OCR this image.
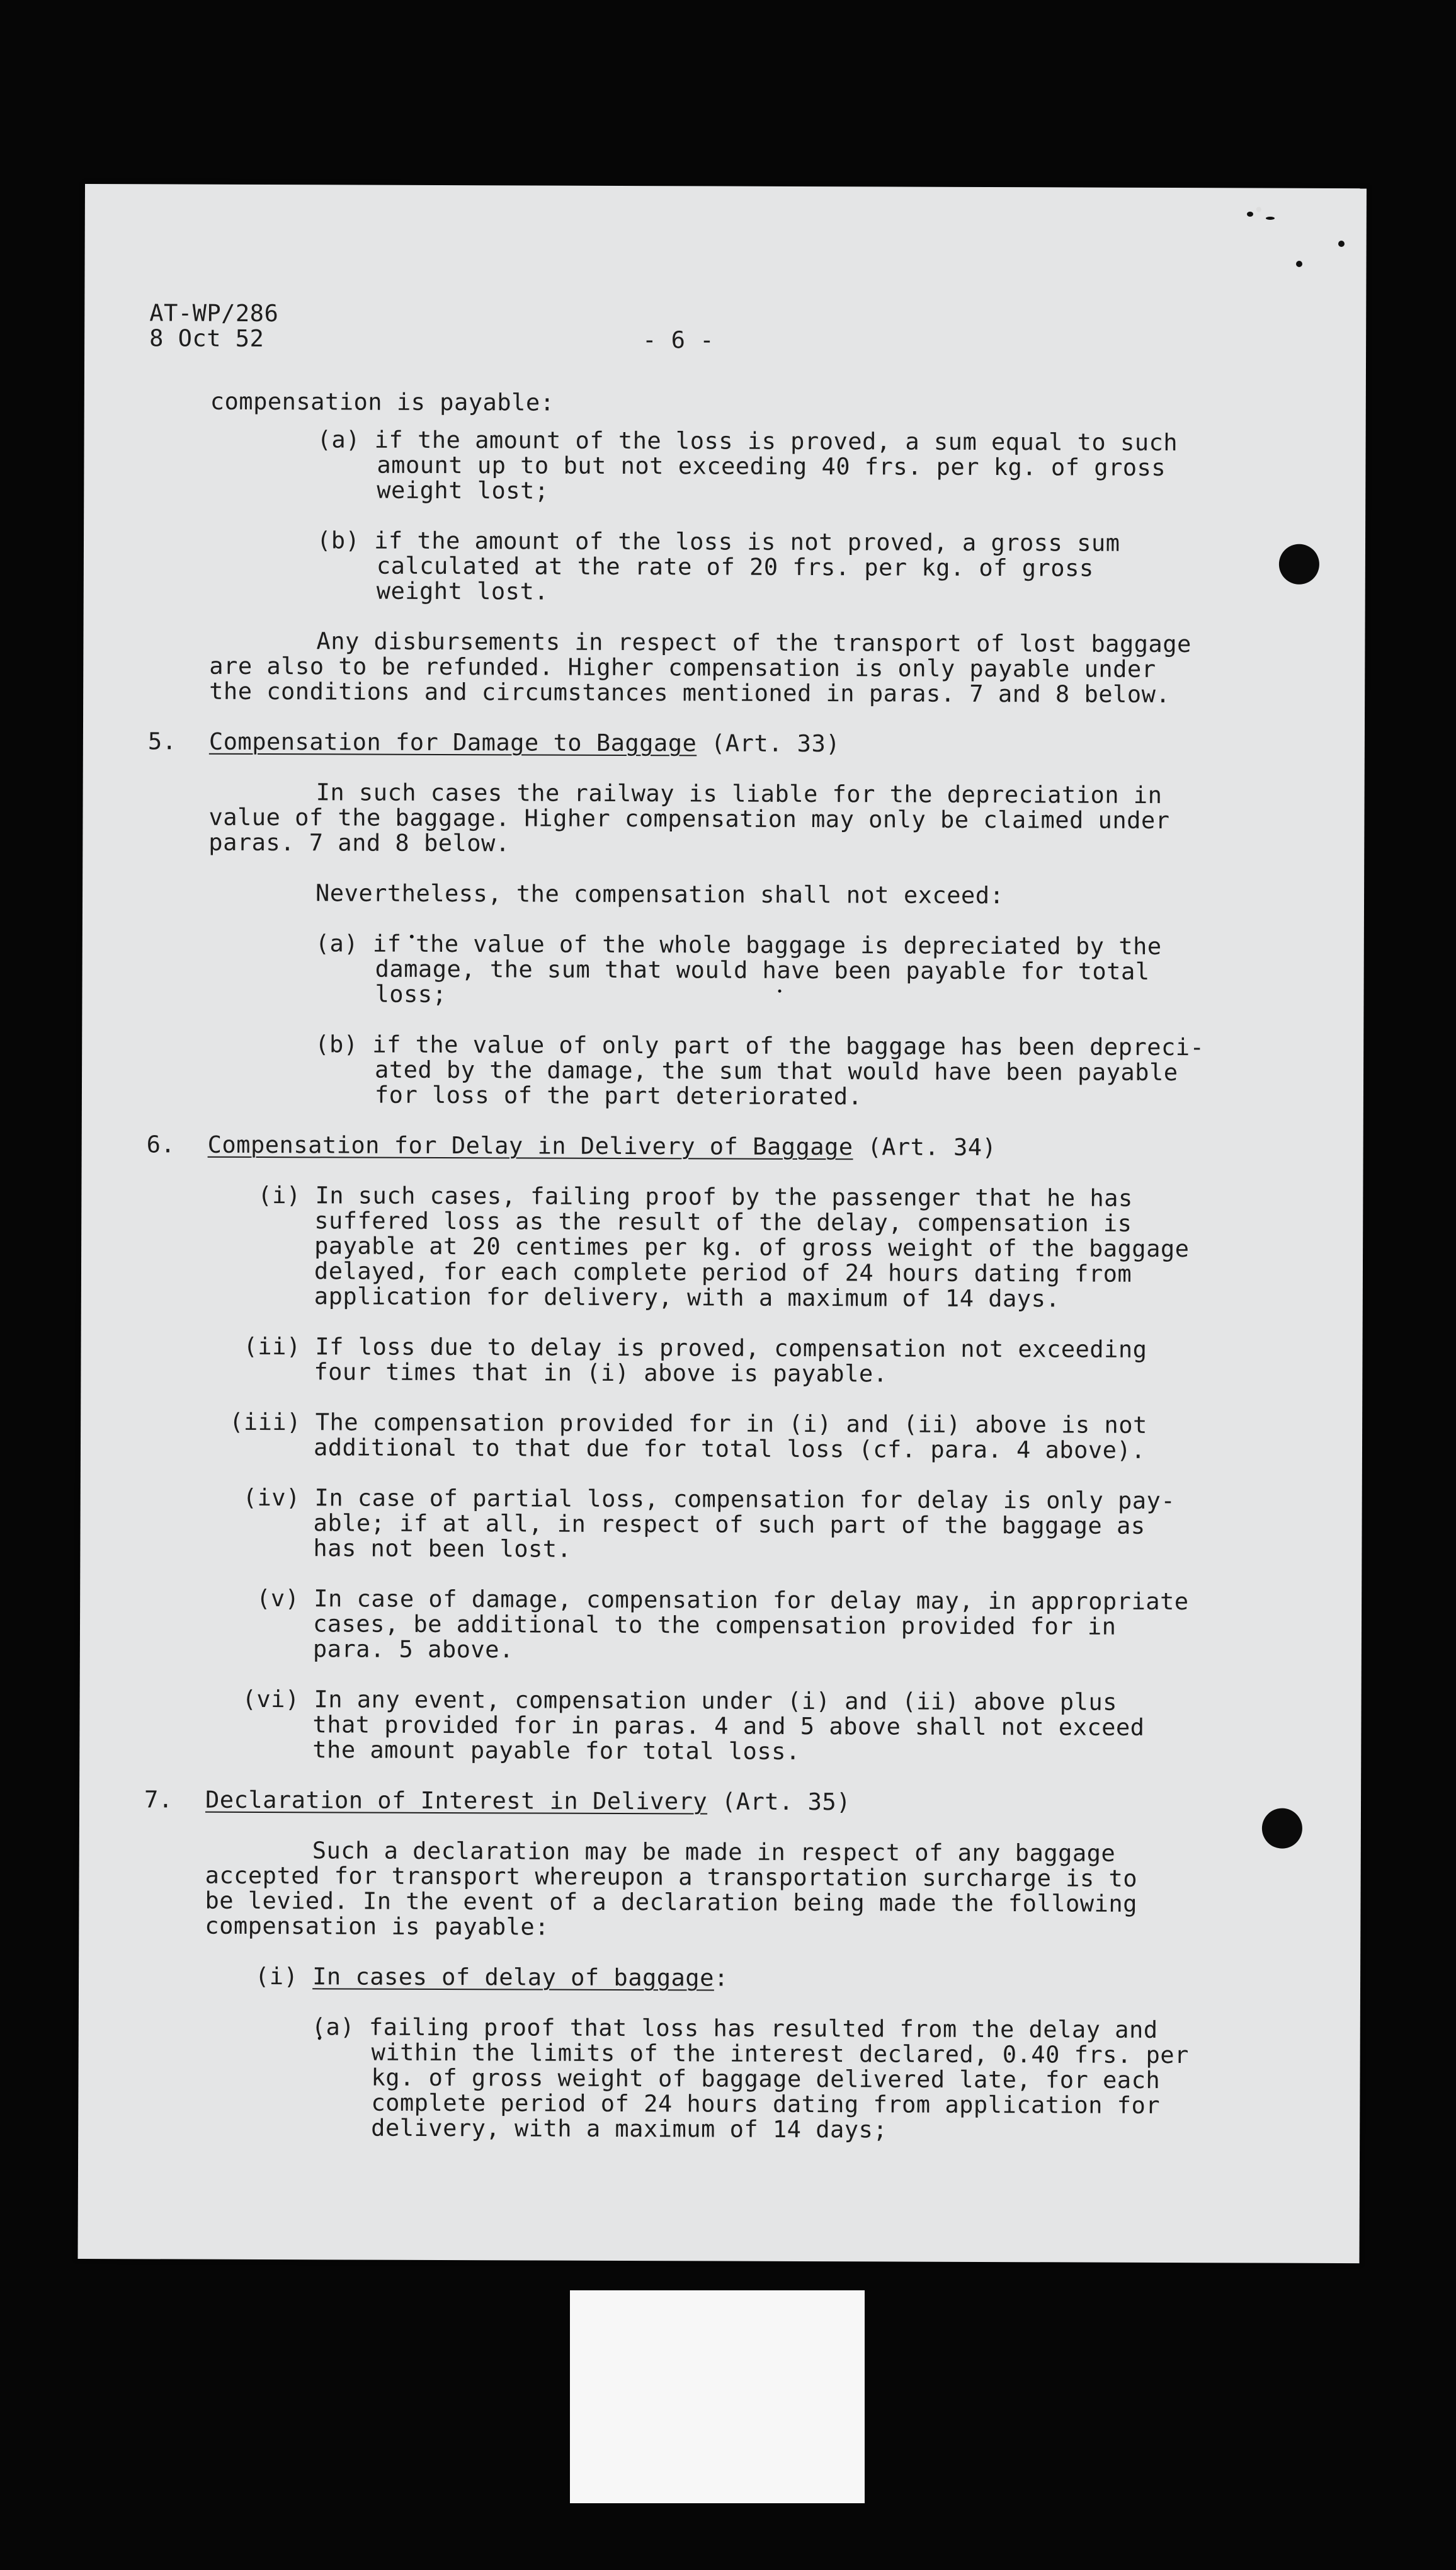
AT-WP/286
8 Oct 52	- 6 -
compensation is payable:
(a) if the amount of the loss is proved, a sum equal to such
amount up to but not exceeding 40 frs. per kg. of gross
weight lost;
(b) if the amount of the loss is not proved, a gross sum
calculated at the rate of 20 frs. per kg. of gross
weight lost.
Any disbursements in respect of the transport of lost baggage
are also to be refunded. Higher compensation is only payable under
the conditions and circumstances mentioned in paras. 7 and 8 below.
5. Compensation for Damage to Baggage (Art. 33)
In such cases the railway is liable for the depreciation in
value of the baggage. Higher compensation may only be claimed under
paras. 7 and 8 below.
Nevertheless, the compensation shall not exceed:
(a) if the value of the whole baggage is depreciated by the
damage, the sum that would have been payable for total
loss;
(b) if the value of only part of the baggage has been depreci-
ated by the damage, the sum that would have been payable
for loss of the part deteriorated.
6. Compensation for Delay in Delivery of Baggage (Art. 34)
(i) In such cases, failing proof by the passenger that he has
suffered loss as the result of the delay, compensation is
payable at 20 centimes per kg. of gross weight of the baggage
delayed, for each complete period of 24 hours dating from
application for delivery, with a maximum of 14 days.
(ii) If loss due to delay is proved, compensation not exceeding
four times that in (i) above is payable.
(iii) The compensation provided for in (i) and (ii) above is not
additional to that due for total loss (cf. para. 4 above).
(iv) In case of partial loss, compensation for delay is only pay-
able; if at all, in respect of such part of the baggage as
has not been lost.
(v) In case of damage, compensation for delay may, in appropriate
cases, be additional to the compensation provided for in
para. 5 above.
(vi) In any event, compensation under (i) and (ii) above plus
that provided for in paras. 4 and 5 above shall not exceed
the amount payable for total loss.
7. Declaration of Interest in Delivery (Art. 35)
Such a declaration may be made in respect of any baggage
accepted for transport whereupon a transportation surcharge is to
be levied. In the event of a declaration being made the following
compensation is payable:
(i) In cases of delay of baggage:
(a) failing proof that loss has resulted from the delay and
within the limits of the interest declared, 0.40 frs. per
kg. of gross weight of baggage delivered late, for each
complete period of 24 hours dating from application for
delivery, with a maximum of 14 days;
